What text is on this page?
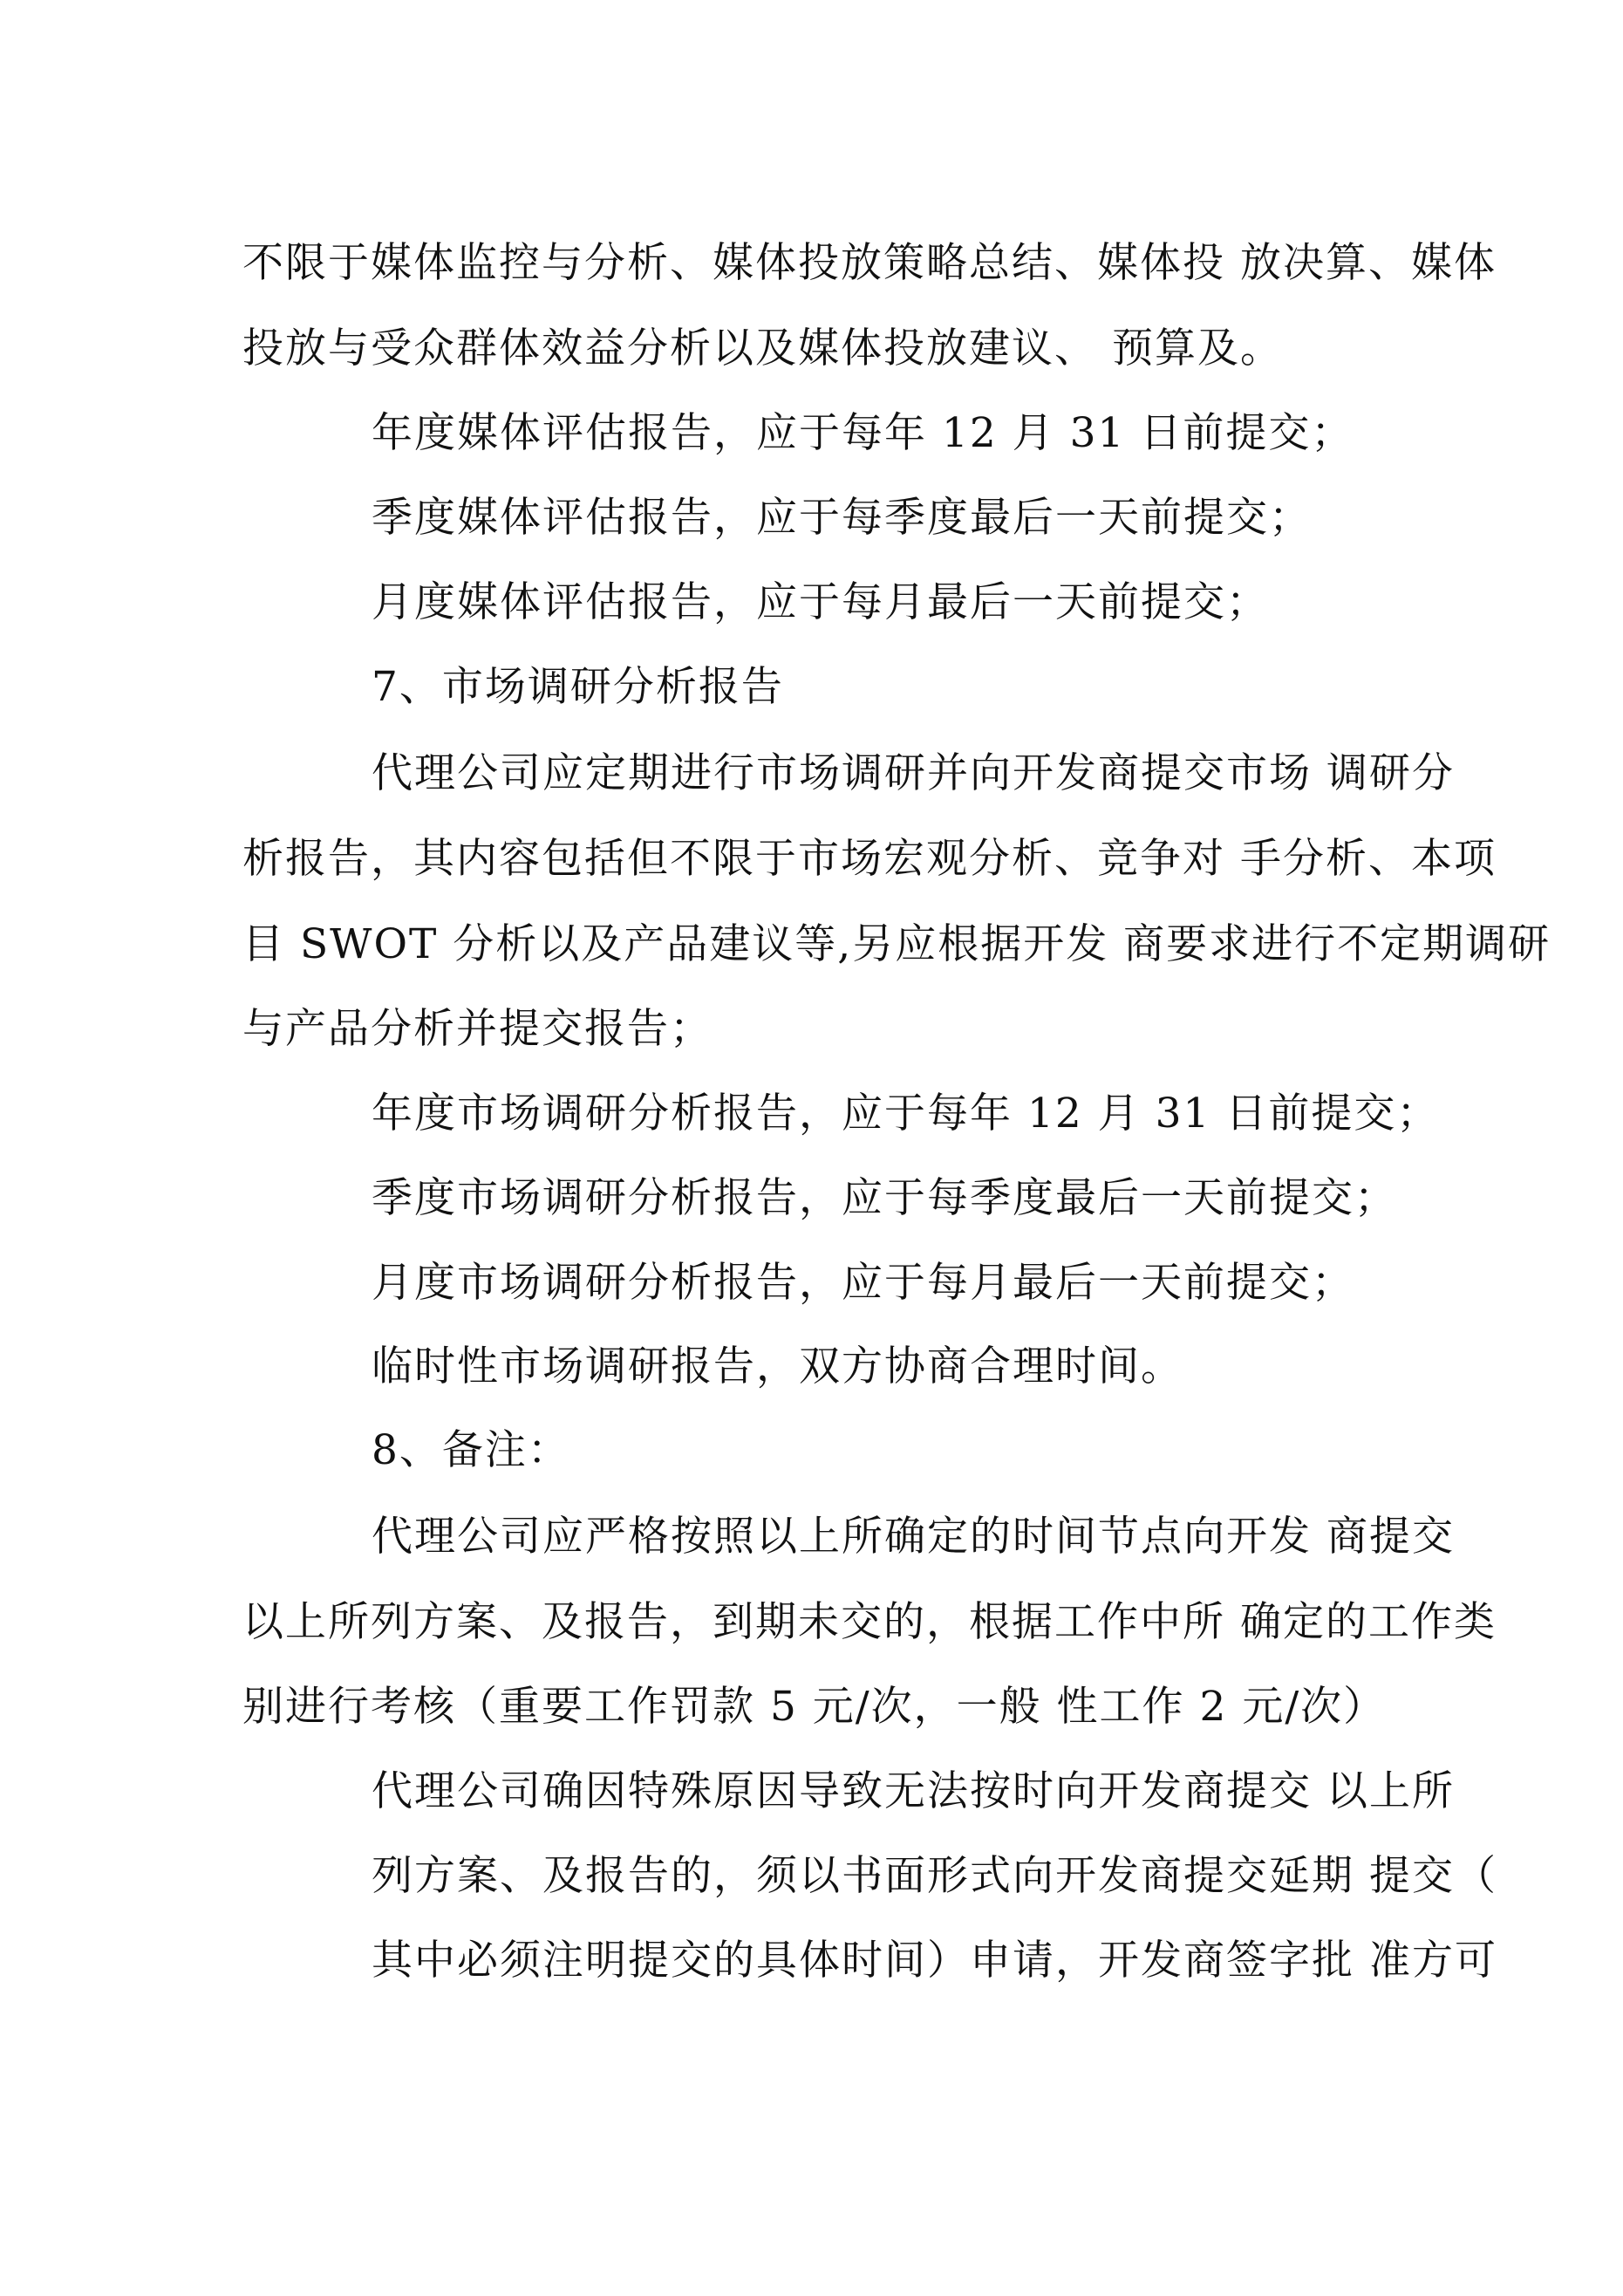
不限于媒体监控与分析、媒体投放策略总结、媒体投 放决算、媒体
投放与受众群体效益分析以及媒体投放建议、 预算及。
年度媒体评估报告，应于每年 12 月 31 日前提交；
季度媒体评估报告，应于每季度最后一天前提交；
月度媒体评估报告，应于每月最后一天前提交；
7、市场调研分析报告
代理公司应定期进行市场调研并向开发商提交市场 调研分
析报告，其内容包括但不限于市场宏观分析、竞争对 手分析、本项
目 SWOT 分析以及产品建议等,另应根据开发 商要求进行不定期调研
与产品分析并提交报告；
年度市场调研分析报告，应于每年 12 月 31 日前提交；
季度市场调研分析报告，应于每季度最后一天前提交；
月度市场调研分析报告，应于每月最后一天前提交；
临时性市场调研报告，双方协商合理时间。
8、备注：
代理公司应严格按照以上所确定的时间节点向开发 商提交
以上所列方案、及报告，到期未交的，根据工作中所 确定的工作类
别进行考核（重要工作罚款 5 元/次，一般 性工作 2 元/次）
代理公司确因特殊原因导致无法按时向开发商提交 以上所
列方案、及报告的，须以书面形式向开发商提交延期 提交（
其中必须注明提交的具体时间）申请，开发商签字批 准方可
